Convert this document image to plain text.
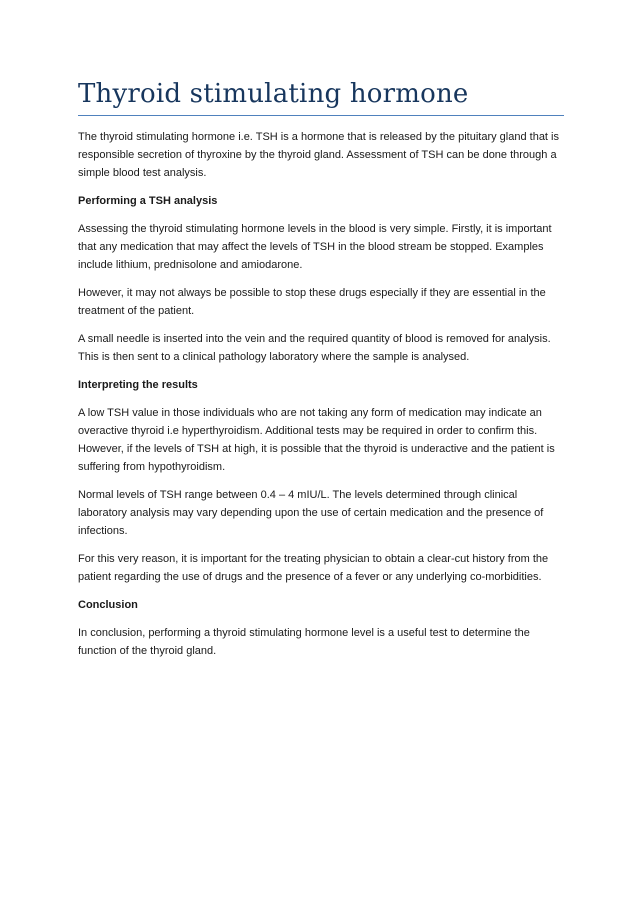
Thyroid stimulating hormone

The thyroid stimulating hormone i.e. TSH is a hormone that is released by the pituitary gland that is responsible secretion of thyroxine by the thyroid gland. Assessment of TSH can be done through a simple blood test analysis.

Performing a TSH analysis

Assessing the thyroid stimulating hormone levels in the blood is very simple. Firstly, it is important that any medication that may affect the levels of TSH in the blood stream be stopped. Examples include lithium, prednisolone and amiodarone.

However, it may not always be possible to stop these drugs especially if they are essential in the treatment of the patient.

A small needle is inserted into the vein and the required quantity of blood is removed for analysis. This is then sent to a clinical pathology laboratory where the sample is analysed.

Interpreting the results

A low TSH value in those individuals who are not taking any form of medication may indicate an overactive thyroid i.e hyperthyroidism. Additional tests may be required in order to confirm this. However, if the levels of TSH at high, it is possible that the thyroid is underactive and the patient is suffering from hypothyroidism.

Normal levels of TSH range between 0.4 – 4 mIU/L. The levels determined through clinical laboratory analysis may vary depending upon the use of certain medication and the presence of infections.

For this very reason, it is important for the treating physician to obtain a clear-cut history from the patient regarding the use of drugs and the presence of a fever or any underlying co-morbidities.

Conclusion

In conclusion, performing a thyroid stimulating hormone level is a useful test to determine the function of the thyroid gland.
